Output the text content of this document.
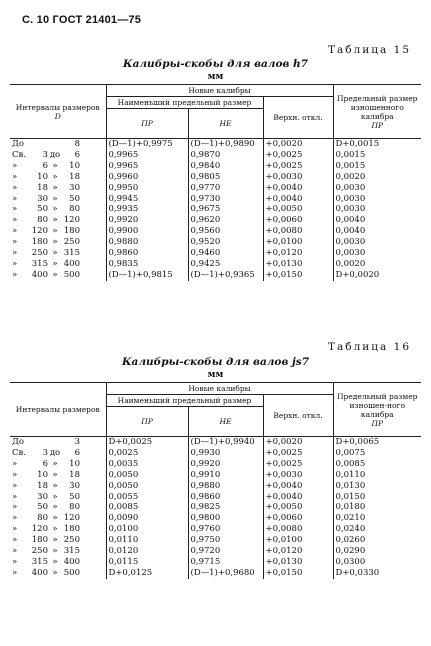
С. 10 ГОСТ 21401—75
Таблица 15
Калибры-скобы для валов h7
мм
Интервалы размеров
D	Новые калибры			Предельный размер изношенного калибра
ПР
	Наименьший предельный размер		Верхн. откл.	
	ПР	НЕ		
До 8	(D—1)+0,9975	(D—1)+0,9890	+0,0020	D+0,0015
Св. 3 до 6	0,9965	0,9870	+0,0025	0,0015
» 6 » 10	0,9965	0,9840	+0,0025	0,0015
» 10 » 18	0,9960	0,9805	+0,0030	0,0020
» 18 » 30	0,9950	0,9770	+0,0040	0,0030
» 30 » 50	0,9945	0,9730	+0,0040	0,0030
» 50 » 80	0,9935	0,9675	+0,0050	0,0030
» 80 » 120	0,9920	0,9620	+0,0060	0,0040
» 120 » 180	0,9900	0,9560	+0,0080	0,0040
» 180 » 250	0,9880	0,9520	+0,0100	0,0030
» 250 » 315	0,9860	0,9460	+0,0120	0,0030
» 315 » 400	0,9835	0,9425	+0,0130	0,0020
» 400 » 500	(D—1)+0,9815	(D—1)+0,9365	+0,0150	D+0,0020
Таблица 16
Калибры-скобы для валов js7
мм
Интервалы размеров	Новые калибры			Предельный размер изношен-ного калибра
ПР
	Наименьший предельный размер		Верхн. откл.	
	ПР	НЕ		
До 3	D+0,0025	(D—1)+0,9940	+0,0020	D+0,0065
Св. 3 до 6	0,0025	0,9930	+0,0025	0,0075
» 6 » 10	0,0035	0,9920	+0,0025	0,0085
» 10 » 18	0,0050	0,9910	+0,0030	0,0110
» 18 » 30	0,0050	0,9880	+0,0040	0,0130
» 30 » 50	0,0055	0,9860	+0,0040	0,0150
» 50 » 80	0,0085	0,9825	+0,0050	0,0180
» 80 » 120	0,0090	0,9800	+0,0060	0,0210
» 120 » 180	0,0100	0,9760	+0,0080	0,0240
» 180 » 250	0,0110	0,9750	+0,0100	0,0260
» 250 » 315	0,0120	0,9720	+0,0120	0,0290
» 315 » 400	0,0115	0,9715	+0,0130	0,0300
» 400 » 500	D+0,0125	(D—1)+0,9680	+0,0150	D+0,0330
